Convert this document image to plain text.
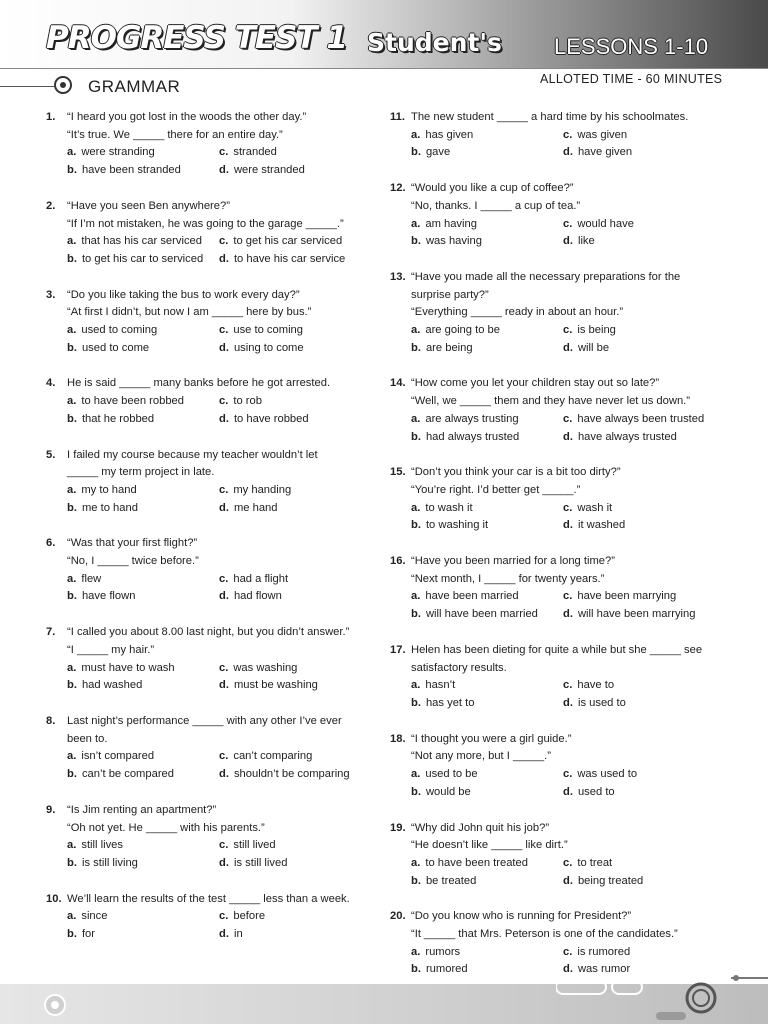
PROGRESS TEST 1 Student's LESSONS 1-10
GRAMMAR	ALLOTED TIME - 60 MINUTES
1.	“I heard you got lost in the woods the other day.”
“It’s true. We _____ there for an entire day.”
a. were stranding	c. stranded
b. have been stranded	d. were stranded
2.	“Have you seen Ben anywhere?”
“If I’m not mistaken, he was going to the garage _____.”
a. that has his car serviced	c. to get his car serviced
b. to get his car to serviced	d. to have his car service
3.	“Do you like taking the bus to work every day?”
“At first I didn’t, but now I am _____ here by bus.”
a. used to coming	c. use to coming
b. used to come	d. using to come
4.	He is said _____ many banks before he got arrested.
a. to have been robbed	c. to rob
b. that he robbed	d. to have robbed
5.	I failed my course because my teacher wouldn’t let
_____ my term project in late.
a. my to hand	c. my handing
b. me to hand	d. me hand
6.	“Was that your first flight?”
“No, I _____ twice before.”
a. flew	c. had a flight
b. have flown	d. had flown
7.	“I called you about 8.00 last night, but you didn’t answer.”
“I _____ my hair.”
a. must have to wash	c. was washing
b. had washed	d. must be washing
8.	Last night’s performance _____ with any other I’ve ever
been to.
a. isn’t compared	c. can’t comparing
b. can’t be compared	d. shouldn’t be comparing
9.	“Is Jim renting an apartment?”
“Oh not yet. He _____ with his parents.”
a. still lives	c. still lived
b. is still living	d. is still lived
10. We’ll learn the results of the test _____ less than a week.
a. since	c. before
b. for	d. in
11. The new student _____ a hard time by his schoolmates.
a. has given	c. was given
b. gave	d. have given
12. “Would you like a cup of coffee?”
“No, thanks. I _____ a cup of tea.”
a. am having	c. would have
b. was having	d. like
13. “Have you made all the necessary preparations for the
surprise party?”
“Everything _____ ready in about an hour.”
a. are going to be	c. is being
b. are being	d. will be
14. “How come you let your children stay out so late?”
“Well, we _____ them and they have never let us down.”
a. are always trusting	c. have always been trusted
b. had always trusted	d. have always trusted
15. “Don’t you think your car is a bit too dirty?”
“You’re right. I’d better get _____.”
a. to wash it	c. wash it
b. to washing it	d. it washed
16. “Have you been married for a long time?”
“Next month, I _____ for twenty years.”
a. have been married	c. have been marrying
b. will have been married	d. will have been marrying
17. Helen has been dieting for quite a while but she _____ see
satisfactory results.
a. hasn’t	c. have to
b. has yet to	d. is used to
18. “I thought you were a girl guide.”
“Not any more, but I _____.”
a. used to be	c. was used to
b. would be	d. used to
19. “Why did John quit his job?”
“He doesn’t like _____ like dirt.”
a. to have been treated	c. to treat
b. be treated	d. being treated
20. “Do you know who is running for President?”
“It _____ that Mrs. Peterson is one of the candidates.”
a. rumors	c. is rumored
b. rumored	d. was rumor
